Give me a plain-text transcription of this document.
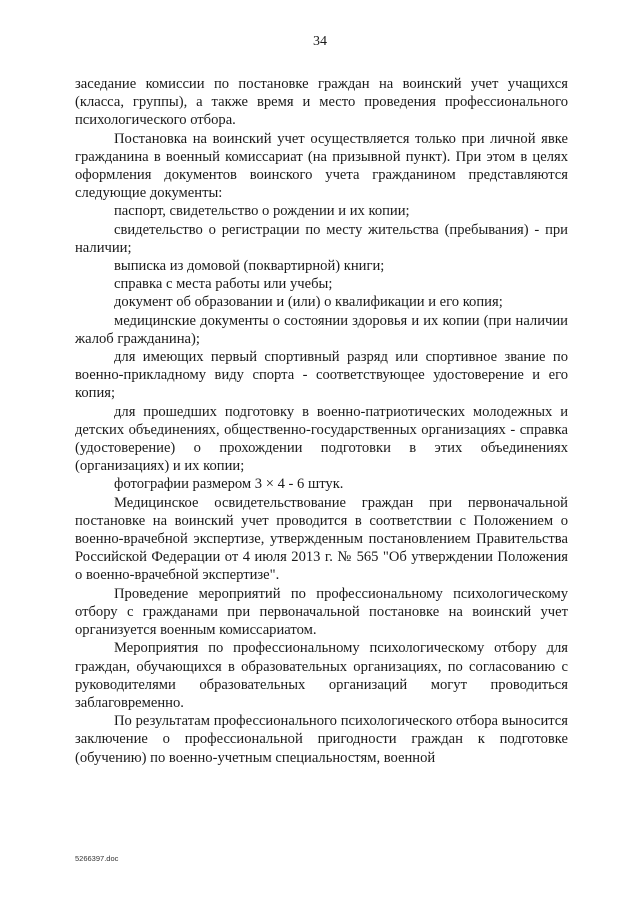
34

заседание комиссии по постановке граждан на воинский учет учащихся (класса, группы), а также время и место проведения профессионального психологического отбора.

Постановка на воинский учет осуществляется только при личной явке гражданина в военный комиссариат (на призывной пункт). При этом в целях оформления документов воинского учета гражданином представляются следующие документы:

паспорт, свидетельство о рождении и их копии;

свидетельство о регистрации по месту жительства (пребывания) - при наличии;

выписка из домовой (поквартирной) книги;

справка с места работы или учебы;

документ об образовании и (или) о квалификации и его копия;

медицинские документы о состоянии здоровья и их копии (при наличии жалоб гражданина);

для имеющих первый спортивный разряд или спортивное звание по военно-прикладному виду спорта - соответствующее удостоверение и его копия;

для прошедших подготовку в военно-патриотических молодежных и детских объединениях, общественно-государственных организациях - справка (удостоверение) о прохождении подготовки в этих объединениях (организациях) и их копии;

фотографии размером 3 × 4 - 6 штук.

Медицинское освидетельствование граждан при первоначальной постановке на воинский учет проводится в соответствии с Положением о военно-врачебной экспертизе, утвержденным постановлением Правительства Российской Федерации от 4 июля 2013 г. № 565 "Об утверждении Положения о военно-врачебной экспертизе".

Проведение мероприятий по профессиональному психологическому отбору с гражданами при первоначальной постановке на воинский учет организуется военным комиссариатом.

Мероприятия по профессиональному психологическому отбору для граждан, обучающихся в образовательных организациях, по согласованию с руководителями образовательных организаций могут проводиться заблаговременно.

По результатам профессионального психологического отбора выносится заключение о профессиональной пригодности граждан к подготовке (обучению) по военно-учетным специальностям, военной

5266397.doc
